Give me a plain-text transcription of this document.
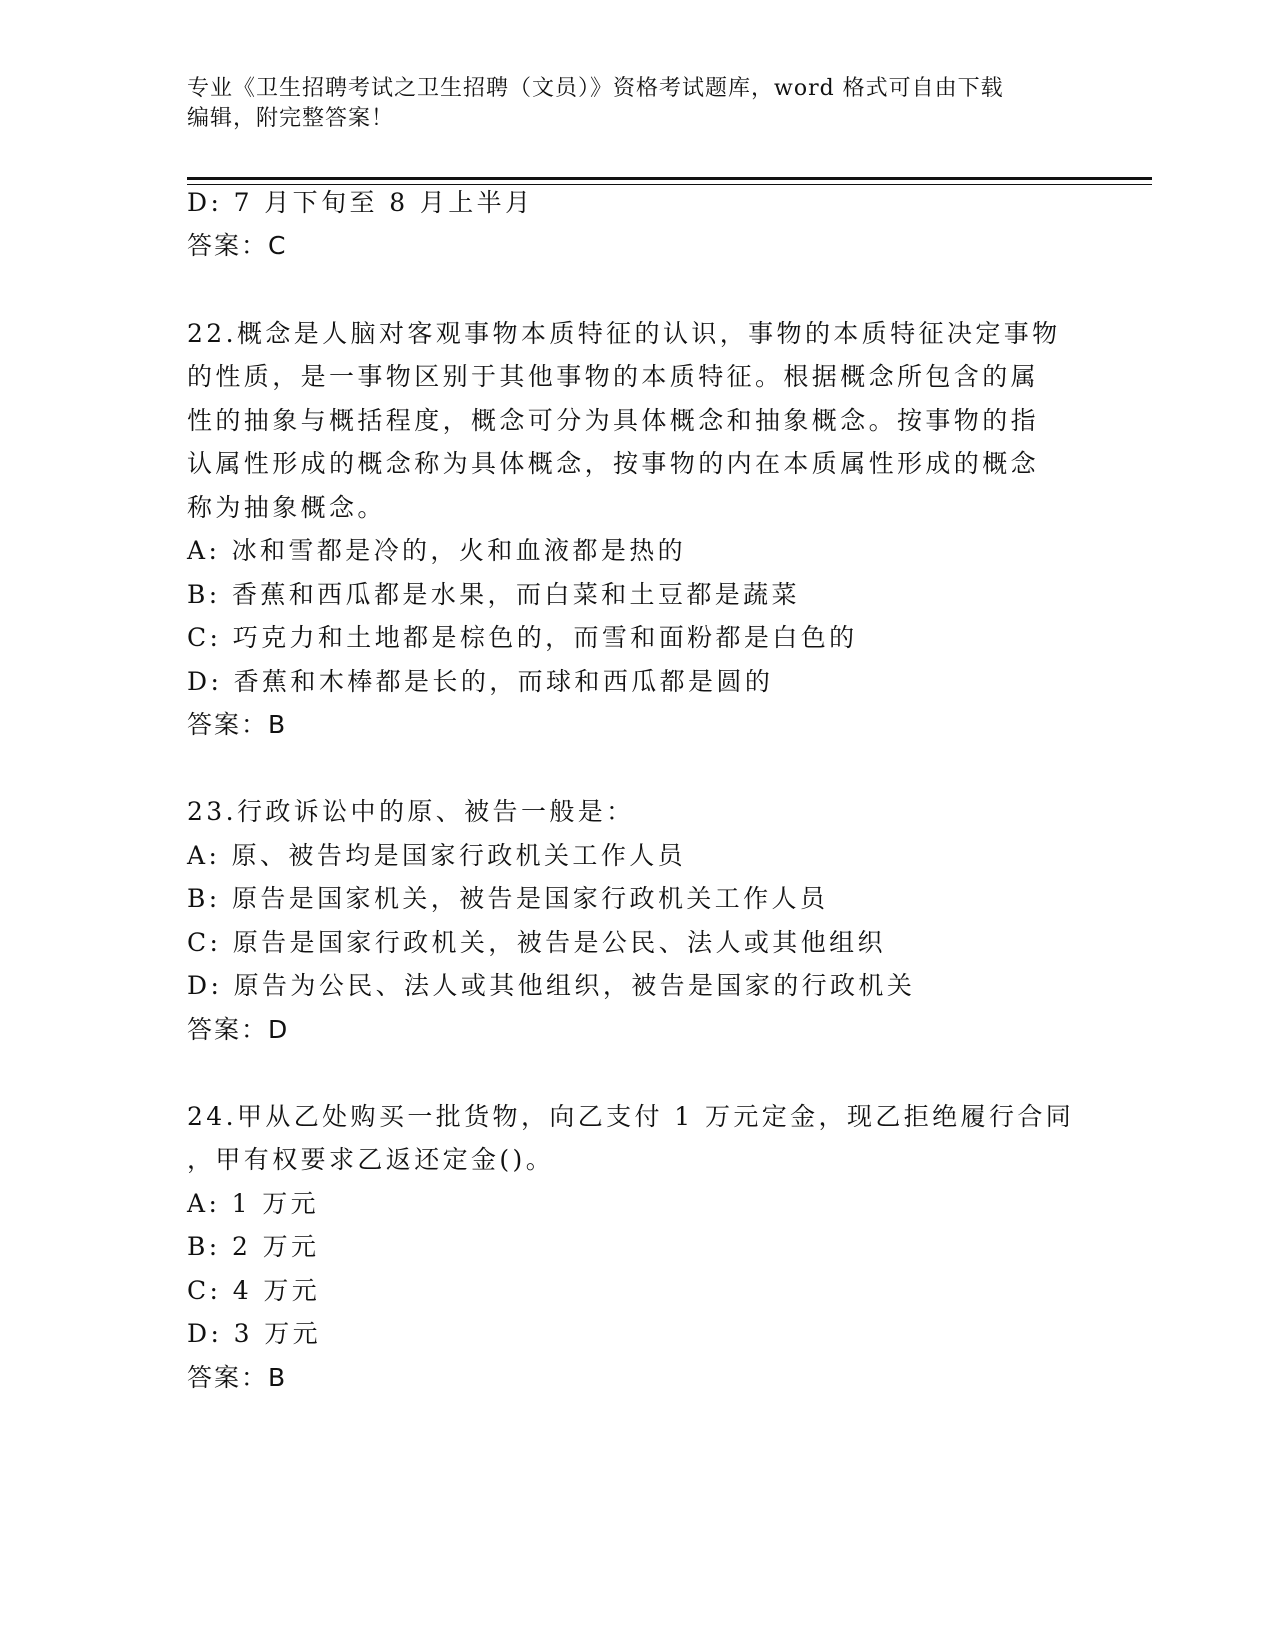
专业《卫生招聘考试之卫生招聘（文员）》资格考试题库，word 格式可自由下载
编辑，附完整答案！
D: 7 月下旬至 8 月上半月
答案：C
22.概念是人脑对客观事物本质特征的认识，事物的本质特征决定事物
的性质，是一事物区别于其他事物的本质特征。根据概念所包含的属
性的抽象与概括程度，概念可分为具体概念和抽象概念。按事物的指
认属性形成的概念称为具体概念，按事物的内在本质属性形成的概念
称为抽象概念。
A: 冰和雪都是冷的，火和血液都是热的
B: 香蕉和西瓜都是水果，而白菜和土豆都是蔬菜
C: 巧克力和土地都是棕色的，而雪和面粉都是白色的
D: 香蕉和木棒都是长的，而球和西瓜都是圆的
答案：B
23.行政诉讼中的原、被告一般是：
A: 原、被告均是国家行政机关工作人员
B: 原告是国家机关，被告是国家行政机关工作人员
C: 原告是国家行政机关，被告是公民、法人或其他组织
D: 原告为公民、法人或其他组织，被告是国家的行政机关
答案：D
24.甲从乙处购买一批货物，向乙支付 1 万元定金，现乙拒绝履行合同
，甲有权要求乙返还定金()。
A: 1 万元
B: 2 万元
C: 4 万元
D: 3 万元
答案：B
